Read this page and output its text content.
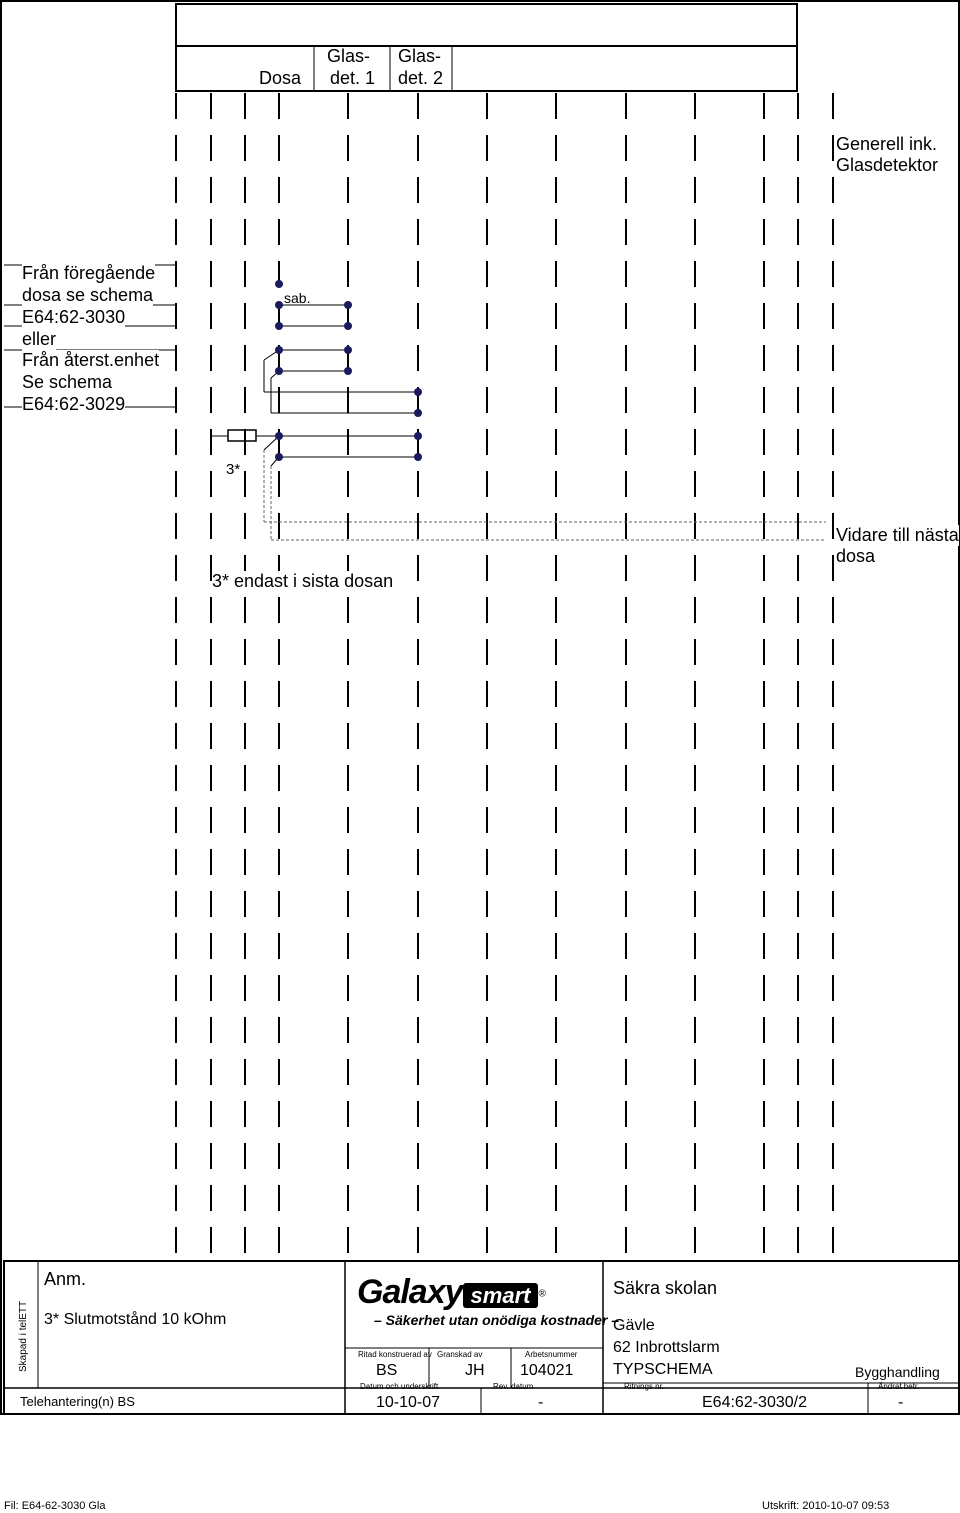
Dosa
Glas-
det. 1
Glas-
det. 2
Generell ink.
Glasdetektor
Från föregående
dosa se schema
E64:62-3030
eller
Från återst.enhet
Se schema
E64:62-3029
sab.
3*
Vidare till nästa
dosa
3* endast i sista dosan
Anm.
3* Slutmotstånd 10 kOhm
Skapad i telETT
Telehantering(n) BS
Galaxy smart ®
– Säkerhet utan onödiga kostnader –
Ritad konstruerad av
BS
Granskad av
JH
Arbetsnummer
104021
Datum och underskrift
10-10-07
Rev. datum
-
Säkra skolan
Gävle
62 Inbrottslarm
TYPSCHEMA	Bygghandling
Ritnings nr.
E64:62-3030/2
Ändrat betr.
-
Fil: E64-62-3030 Gla	Utskrift: 2010-10-07 09:53
